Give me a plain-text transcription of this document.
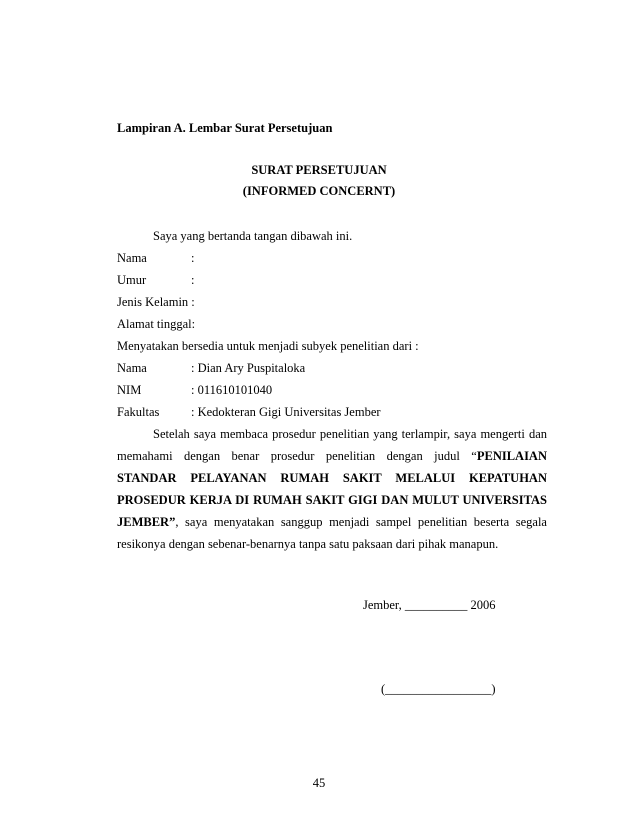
Lampiran A. Lembar Surat Persetujuan
SURAT PERSETUJUAN
(INFORMED CONCERNT)
Saya yang bertanda tangan dibawah ini.
Nama	:
Umur	:
Jenis Kelamin :
Alamat tinggal:
Menyatakan bersedia untuk menjadi subyek penelitian dari :
Nama	: Dian Ary Puspitaloka
NIM	: 011610101040
Fakultas	: Kedokteran Gigi Universitas Jember
Setelah saya membaca prosedur penelitian yang terlampir, saya mengerti dan
memahami dengan benar prosedur penelitian dengan judul “PENILAIAN
STANDAR PELAYANAN RUMAH SAKIT MELALUI KEPATUHAN
PROSEDUR KERJA DI RUMAH SAKIT GIGI DAN MULUT UNIVERSITAS
JEMBER”, saya menyatakan sanggup menjadi sampel penelitian beserta segala
resikonya dengan sebenar-benarnya tanpa satu paksaan dari pihak manapun.
Jember, __________ 2006
(_________________)
45
